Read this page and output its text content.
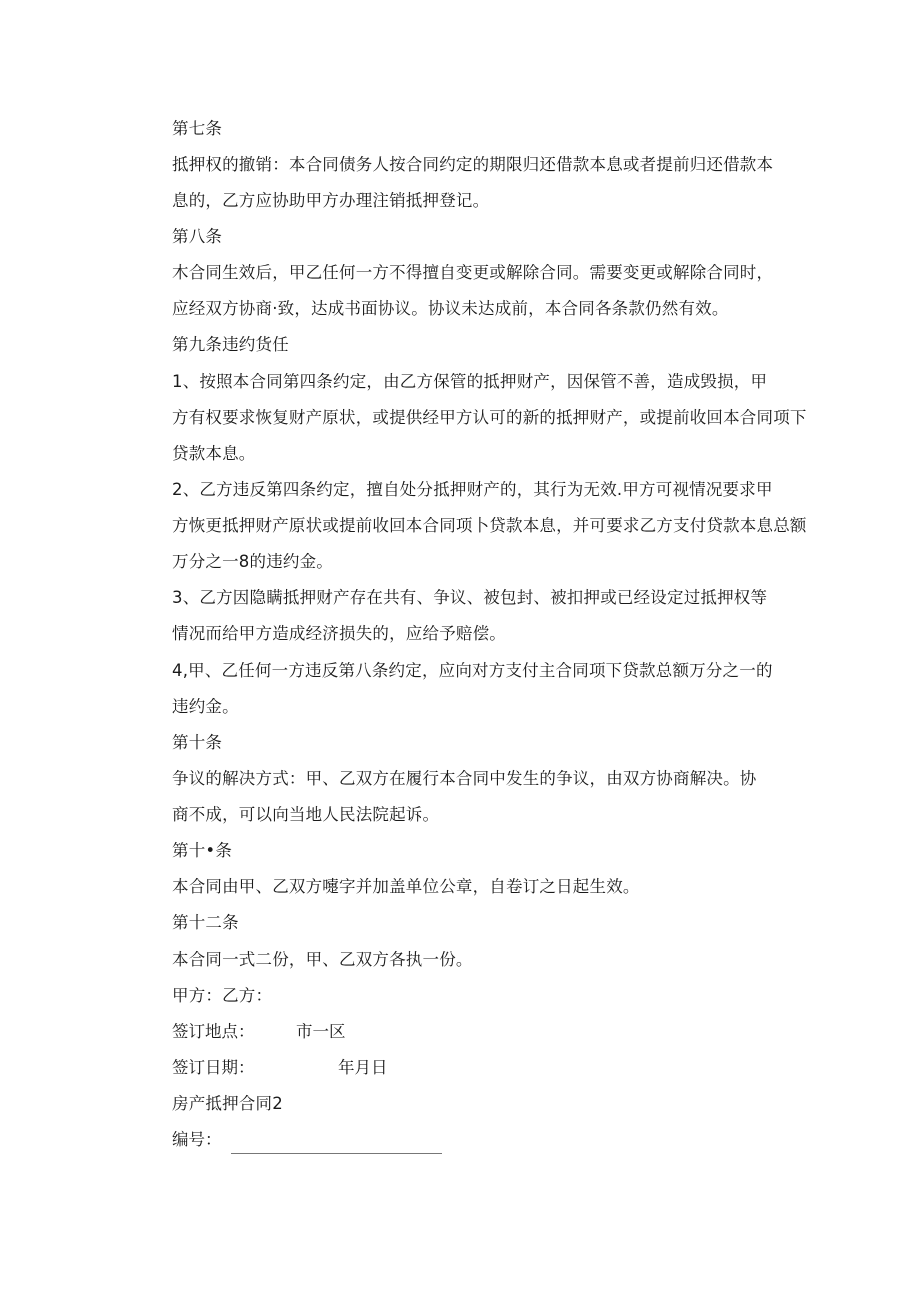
第七条
抵押权的撤销：本合同债务人按合同约定的期限归还借款本息或者提前归还借款本
息的，乙方应协助甲方办理注销抵押登记。
第八条
木合同生效后，甲乙任何一方不得擅自变更或解除合同。需要变更或解除合同时，
应经双方协商·致，达成书面协议。协议未达成前，本合同各条款仍然有效。
第九条违约货任
1、按照本合同第四条约定，由乙方保管的抵押财产，因保管不善，造成毁损，甲
方有权要求恢复财产原状，或提供经甲方认可的新的抵押财产，或提前收回本合同项下
贷款本息。
2、乙方违反第四条约定，擅自处分抵押财产的，其行为无效.甲方可视情况要求甲
方恢更抵押财产原状或提前收回本合同项卜贷款本息，并可要求乙方支付贷款本息总额
万分之一8的违约金。
3、乙方因隐瞒抵押财产存在共有、争议、被包封、被扣押或已经设定过抵押权等
情况而给甲方造成经济损失的，应给予赔偿。
4,甲、乙任何一方违反第八条约定，应向对方支付主合同项下贷款总额万分之一的
违约金。
第十条
争议的解决方式：甲、乙双方在履行本合同中发生的争议，由双方协商解决。协
商不成，可以向当地人民法院起诉。
第十•条
本合同由甲、乙双方嚏字并加盖单位公章，自卷订之日起生效。
第十二条
本合同一式二份，甲、乙双方各执一份。
甲方：乙方：
签订地点：	市一区
签订日期：	年月日
房产抵押合同2
编号：
